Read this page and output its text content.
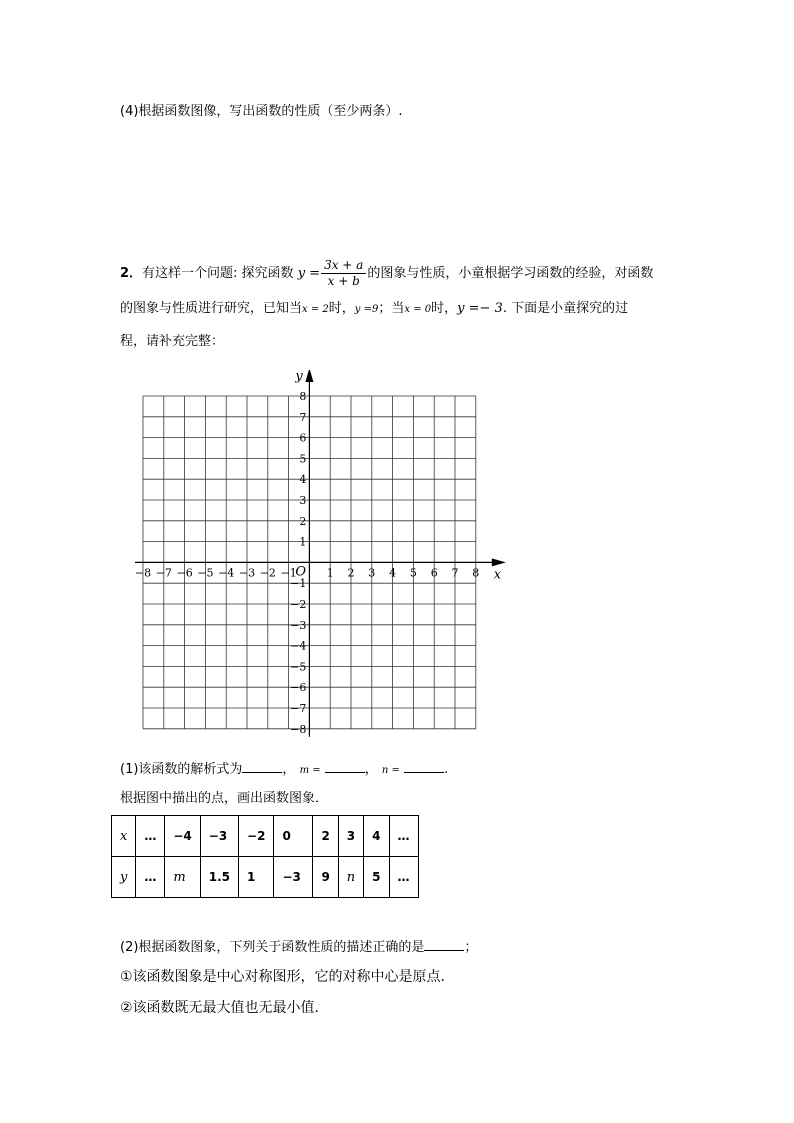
(4)根据函数图像，写出函数的性质（至少两条）.
2．有这样一个问题: 探究函数 $y = \frac{3x + a}{x + b}$ 的图象与性质，小童根据学习函数的经验，对函数
的图象与性质进行研究，已知当x = 2时，y =9；当x = 0时，y =− 3. 下面是小童探究的过
程，请补充完整：
−8 −7 −6 −5 −4 −3 −2 −1	1 2 3 4 5 6 7 8
8
7
6
5
4
3
2
1
−1
−2
−3
−4
−5
−6
−7
−8
O	x
y
(1)该函数的解析式为	， m =	， n =	.
根据图中描出的点，画出函数图象．
x	…	−4	−3	−2	0	2	3	4	…
y	…	m	1.5	1	−3	9	n	5	…
(2)根据函数图象，下列关于函数性质的描述正确的是	；
①该函数图象是中心对称图形，它的对称中心是原点．
②该函数既无最大值也无最小值．
